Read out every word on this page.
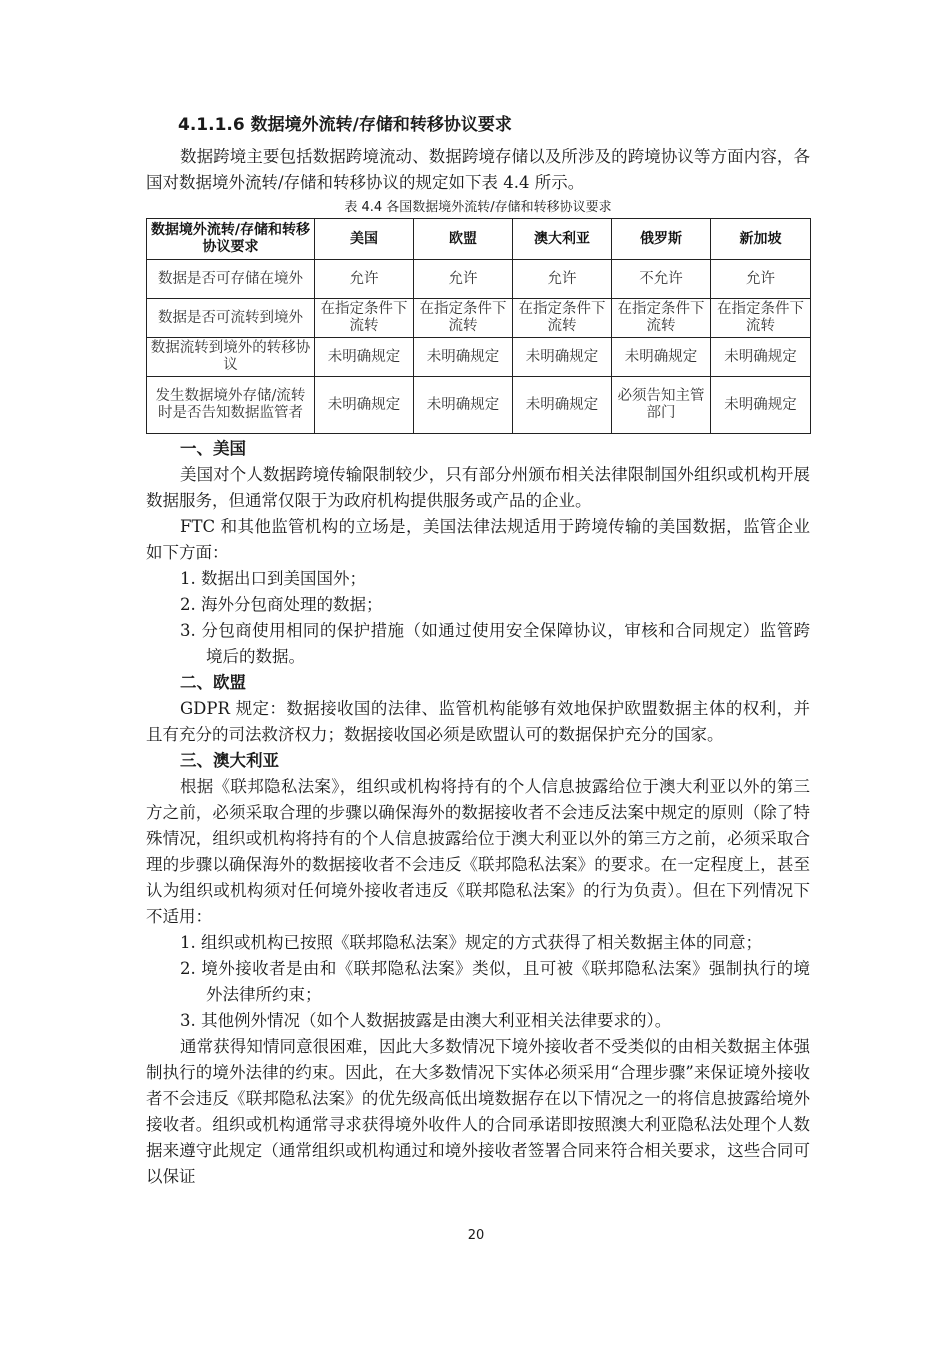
4.1.1.6 数据境外流转/存储和转移协议要求

数据跨境主要包括数据跨境流动、数据跨境存储以及所涉及的跨境协议等方面内容，各国对数据境外流转/存储和转移协议的规定如下表 4.4 所示。

表 4.4 各国数据境外流转/存储和转移协议要求
数据境外流转/存储和转移协议要求	美国	欧盟	澳大利亚	俄罗斯	新加坡
数据是否可存储在境外	允许	允许	允许	不允许	允许
数据是否可流转到境外	在指定条件下流转	在指定条件下流转	在指定条件下流转	在指定条件下流转	在指定条件下流转
数据流转到境外的转移协议	未明确规定	未明确规定	未明确规定	未明确规定	未明确规定
发生数据境外存储/流转时是否告知数据监管者	未明确规定	未明确规定	未明确规定	必须告知主管部门	未明确规定
一、美国

美国对个人数据跨境传输限制较少，只有部分州颁布相关法律限制国外组织或机构开展数据服务，但通常仅限于为政府机构提供服务或产品的企业。

FTC 和其他监管机构的立场是，美国法律法规适用于跨境传输的美国数据，监管企业如下方面：

1. 数据出口到美国国外；
2. 海外分包商处理的数据；
3. 分包商使用相同的保护措施（如通过使用安全保障协议，审核和合同规定）监管跨境后的数据。
二、欧盟

GDPR 规定：数据接收国的法律、监管机构能够有效地保护欧盟数据主体的权利，并且有充分的司法救济权力；数据接收国必须是欧盟认可的数据保护充分的国家。

三、澳大利亚

根据《联邦隐私法案》，组织或机构将持有的个人信息披露给位于澳大利亚以外的第三方之前，必须采取合理的步骤以确保海外的数据接收者不会违反法案中规定的原则（除了特殊情况，组织或机构将持有的个人信息披露给位于澳大利亚以外的第三方之前，必须采取合理的步骤以确保海外的数据接收者不会违反《联邦隐私法案》的要求。在一定程度上，甚至认为组织或机构须对任何境外接收者违反《联邦隐私法案》的行为负责）。但在下列情况下不适用：

1. 组织或机构已按照《联邦隐私法案》规定的方式获得了相关数据主体的同意；
2. 境外接收者是由和《联邦隐私法案》类似，且可被《联邦隐私法案》强制执行的境外法律所约束；
3. 其他例外情况（如个人数据披露是由澳大利亚相关法律要求的）。

通常获得知情同意很困难，因此大多数情况下境外接收者不受类似的由相关数据主体强制执行的境外法律的约束。因此，在大多数情况下实体必须采用“合理步骤”来保证境外接收者不会违反《联邦隐私法案》的优先级高低出境数据存在以下情况之一的将信息披露给境外接收者。组织或机构通常寻求获得境外收件人的合同承诺即按照澳大利亚隐私法处理个人数据来遵守此规定（通常组织或机构通过和境外接收者签署合同来符合相关要求，这些合同可以保证

20
